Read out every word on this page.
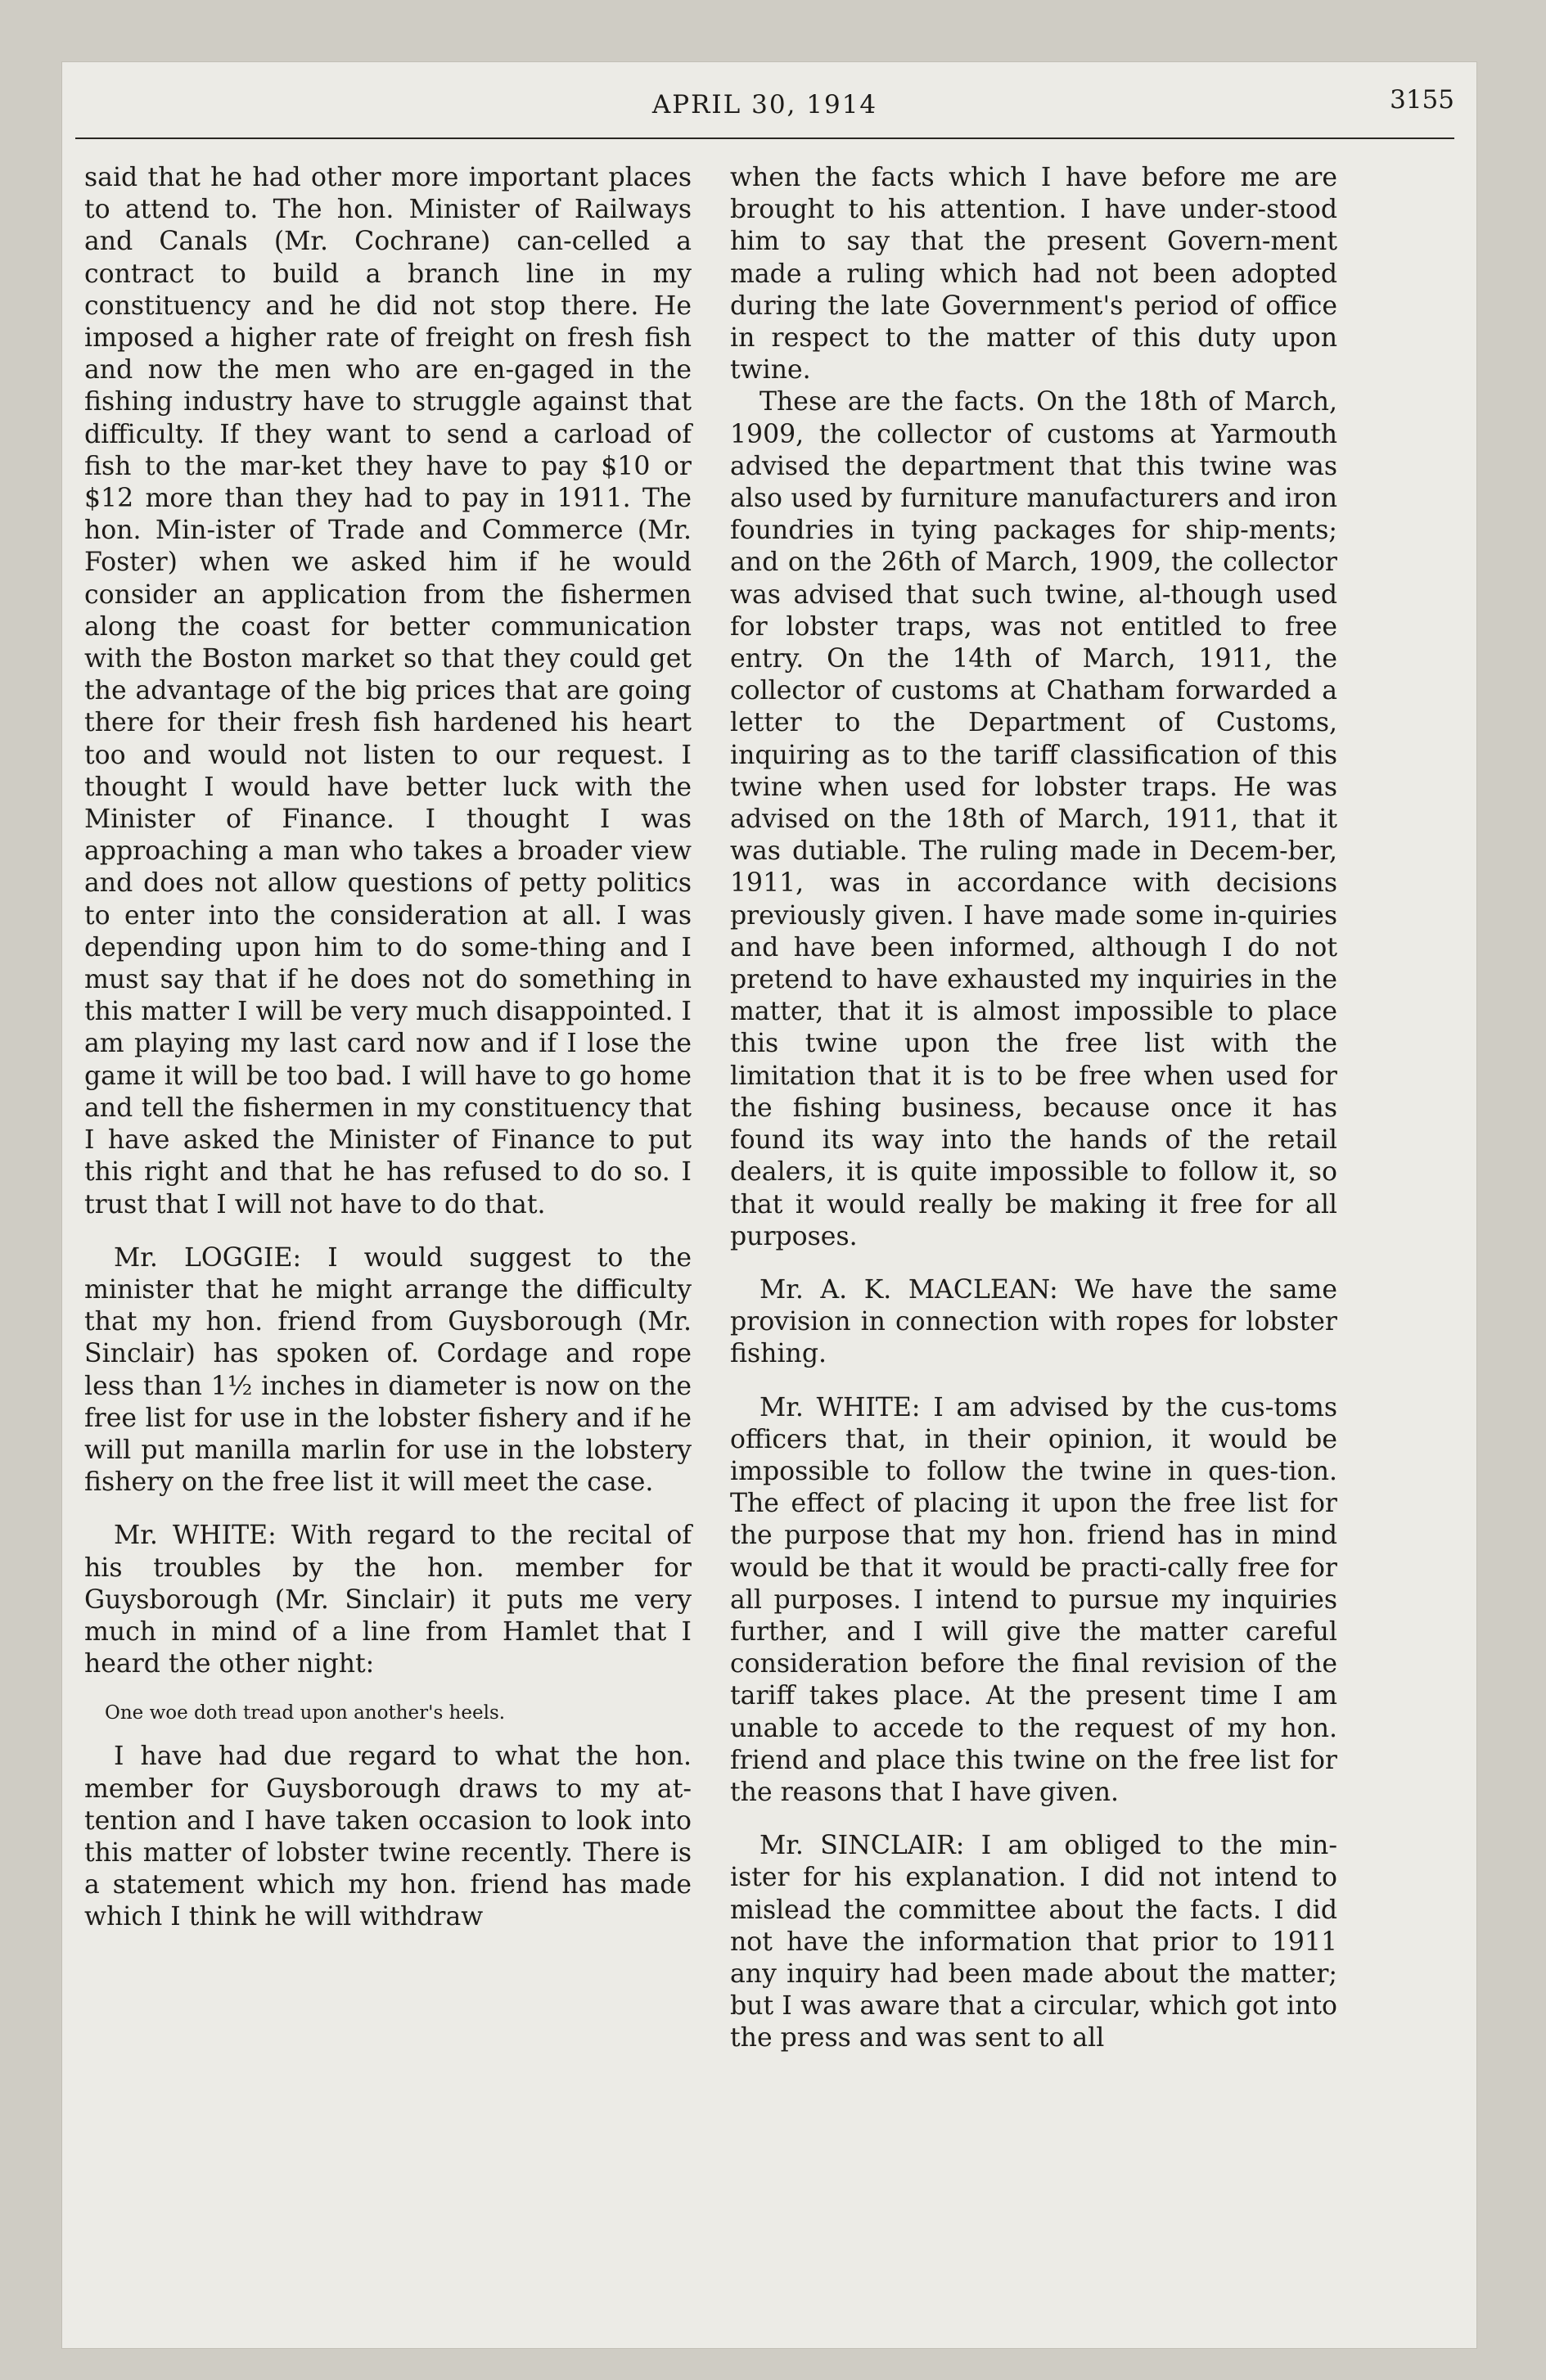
APRIL 30, 1914	3155

said that he had other more important places to attend to. The hon. Minister of Railways and Canals (Mr. Cochrane) can-celled a contract to build a branch line in my constituency and he did not stop there. He imposed a higher rate of freight on fresh fish and now the men who are en-gaged in the fishing industry have to struggle against that difficulty. If they want to send a carload of fish to the mar-ket they have to pay $10 or $12 more than they had to pay in 1911. The hon. Min-ister of Trade and Commerce (Mr. Foster) when we asked him if he would consider an application from the fishermen along the coast for better communication with the Boston market so that they could get the advantage of the big prices that are going there for their fresh fish hardened his heart too and would not listen to our request. I thought I would have better luck with the Minister of Finance. I thought I was approaching a man who takes a broader view and does not allow questions of petty politics to enter into the consideration at all. I was depending upon him to do some-thing and I must say that if he does not do something in this matter I will be very much disappointed. I am playing my last card now and if I lose the game it will be too bad. I will have to go home and tell the fishermen in my constituency that I have asked the Minister of Finance to put this right and that he has refused to do so. I trust that I will not have to do that.

Mr. LOGGIE: I would suggest to the minister that he might arrange the difficulty that my hon. friend from Guysborough (Mr. Sinclair) has spoken of. Cordage and rope less than 1½ inches in diameter is now on the free list for use in the lobster fishery and if he will put manilla marlin for use in the lobstery fishery on the free list it will meet the case.

Mr. WHITE: With regard to the recital of his troubles by the hon. member for Guysborough (Mr. Sinclair) it puts me very much in mind of a line from Hamlet that I heard the other night:

One woe doth tread upon another's heels.

I have had due regard to what the hon. member for Guysborough draws to my at-tention and I have taken occasion to look into this matter of lobster twine recently. There is a statement which my hon. friend has made which I think he will withdraw

when the facts which I have before me are brought to his attention. I have under-stood him to say that the present Govern-ment made a ruling which had not been adopted during the late Government's period of office in respect to the matter of this duty upon twine.

These are the facts. On the 18th of March, 1909, the collector of customs at Yarmouth advised the department that this twine was also used by furniture manufacturers and iron foundries in tying packages for ship-ments; and on the 26th of March, 1909, the collector was advised that such twine, al-though used for lobster traps, was not entitled to free entry. On the 14th of March, 1911, the collector of customs at Chatham forwarded a letter to the Department of Customs, inquiring as to the tariff classification of this twine when used for lobster traps. He was advised on the 18th of March, 1911, that it was dutiable. The ruling made in Decem-ber, 1911, was in accordance with decisions previously given. I have made some in-quiries and have been informed, although I do not pretend to have exhausted my inquiries in the matter, that it is almost impossible to place this twine upon the free list with the limitation that it is to be free when used for the fishing business, because once it has found its way into the hands of the retail dealers, it is quite impossible to follow it, so that it would really be making it free for all purposes.

Mr. A. K. MACLEAN: We have the same provision in connection with ropes for lobster fishing.

Mr. WHITE: I am advised by the cus-toms officers that, in their opinion, it would be impossible to follow the twine in ques-tion. The effect of placing it upon the free list for the purpose that my hon. friend has in mind would be that it would be practi-cally free for all purposes. I intend to pursue my inquiries further, and I will give the matter careful consideration before the final revision of the tariff takes place. At the present time I am unable to accede to the request of my hon. friend and place this twine on the free list for the reasons that I have given.

Mr. SINCLAIR: I am obliged to the min-ister for his explanation. I did not intend to mislead the committee about the facts. I did not have the information that prior to 1911 any inquiry had been made about the matter; but I was aware that a circular, which got into the press and was sent to all
